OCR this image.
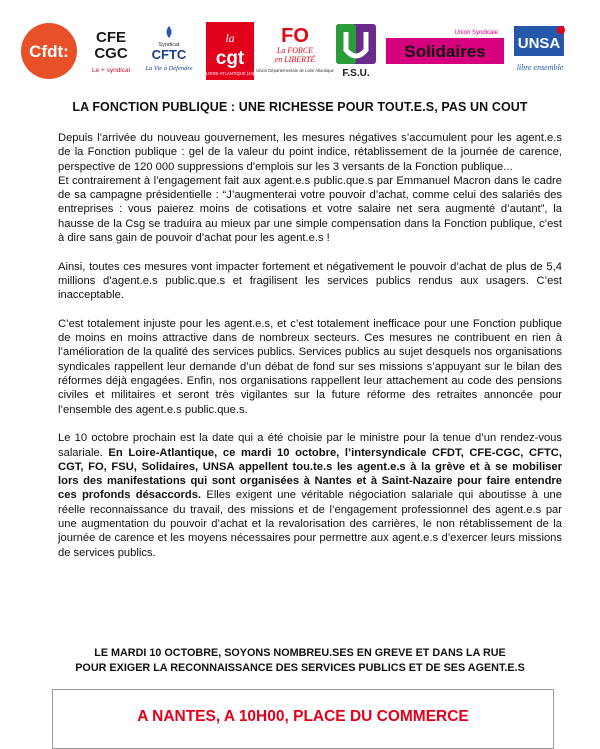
Cfdt:
CFE
CGC
Le + syndical
Syndicat
CFTC
La Vie à Défendre
la
cgt
LOIRE-ATLANTIQUE (44)
FO
La FORCE
en LIBERTÉ
Union Départementale de Loire Atlantique F.S.U.
Union Syndicale
Solidaires UNSA
libre ensemble
LA FONCTION PUBLIQUE : UNE RICHESSE POUR TOUT.E.S, PAS UN COUT

Depuis l’arrivée du nouveau gouvernement, les mesures négatives s’accumulent pour les agent.e.s de la Fonction publique : gel de la valeur du point indice, rétablissement de la journée de carence, perspective de 120 000 suppressions d’emplois sur les 3 versants de la Fonction publique...

Et contrairement à l’engagement fait aux agent.e.s public.que.s par Emmanuel Macron dans le cadre de sa campagne présidentielle : “J’augmenterai votre pouvoir d’achat, comme celui des salariés des entreprises : vous paierez moins de cotisations et votre salaire net sera augmenté d’autant”, la hausse de la Csg se traduira au mieux par une simple compensation dans la Fonction publique, c’est à dire sans gain de pouvoir d’achat pour les agent.e.s !

Ainsi, toutes ces mesures vont impacter fortement et négativement le pouvoir d’achat de plus de 5,4 millions d’agent.e.s public.que.s et fragilisent les services publics rendus aux usagers. C’est inacceptable.

C’est totalement injuste pour les agent.e.s, et c’est totalement inefficace pour une Fonction publique de moins en moins attractive dans de nombreux secteurs. Ces mesures ne contribuent en rien à l’amélioration de la qualité des services publics. Services publics au sujet desquels nos organisations syndicales rappellent leur demande d’un débat de fond sur ses missions s’appuyant sur le bilan des réformes déjà engagées. Enfin, nos organisations rappellent leur attachement au code des pensions civiles et militaires et seront très vigilantes sur la future réforme des retraites annoncée pour l’ensemble des agent.e.s public.que.s.

Le 10 octobre prochain est la date qui a été choisie par le ministre pour la tenue d’un rendez-vous salariale. En Loire-Atlantique, ce mardi 10 octobre, l’intersyndicale CFDT, CFE-CGC, CFTC, CGT, FO, FSU, Solidaires, UNSA appellent tou.te.s les agent.e.s à la grève et à se mobiliser lors des manifestations qui sont organisées à Nantes et à Saint-Nazaire pour faire entendre ces profonds désaccords. Elles exigent une véritable négociation salariale qui aboutisse à une réelle reconnaissance du travail, des missions et de l’engagement professionnel des agent.e.s par une augmentation du pouvoir d’achat et la revalorisation des carrières, le non rétablissement de la journée de carence et les moyens nécessaires pour permettre aux agent.e.s d’exercer leurs missions de services publics.

LE MARDI 10 OCTOBRE, SOYONS NOMBREU.SES EN GREVE ET DANS LA RUE
POUR EXIGER LA RECONNAISSANCE DES SERVICES PUBLICS ET DE SES AGENT.E.S
A NANTES, A 10H00, PLACE DU COMMERCE
